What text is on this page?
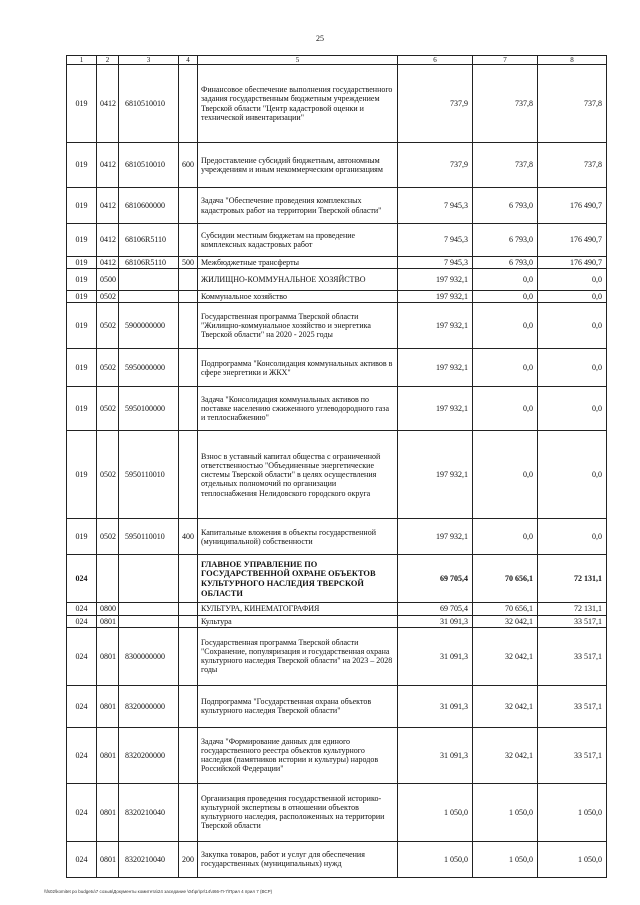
25
1	2	3	4	5	6	7	8
019	0412	6810510010		Финансовое обеспечение выполнения государственного задания государственным бюджетным учреждением Тверской области "Центр кадастровой оценки и технической инвентаризации"	737,9	737,8	737,8
019	0412	6810510010	600	Предоставление субсидий бюджетным, автономным учреждениям и иным некоммерческим организациям	737,9	737,8	737,8
019	0412	6810600000		Задача "Обеспечение проведения комплексных кадастровых работ на территории Тверской области"	7 945,3	6 793,0	176 490,7
019	0412	68106R5110		Субсидии местным бюджетам на проведение комплексных кадастровых работ	7 945,3	6 793,0	176 490,7
019	0412	68106R5110	500	Межбюджетные трансферты	7 945,3	6 793,0	176 490,7
019	0500			ЖИЛИЩНО-КОММУНАЛЬНОЕ ХОЗЯЙСТВО	197 932,1	0,0	0,0
019	0502			Коммунальное хозяйство	197 932,1	0,0	0,0
019	0502	5900000000		Государственная программа Тверской области "Жилищно-коммунальное хозяйство и энергетика Тверской области" на 2020 - 2025 годы	197 932,1	0,0	0,0
019	0502	5950000000		Подпрограмма "Консолидация коммунальных активов в сфере энергетики и ЖКХ"	197 932,1	0,0	0,0
019	0502	5950100000		Задача "Консолидация коммунальных активов по поставке населению сжиженного углеводородного газа и теплоснабжению"	197 932,1	0,0	0,0
019	0502	5950110010		Взнос в уставный капитал общества с ограниченной ответственностью "Объединенные энергетические системы Тверской области" в целях осуществления отдельных полномочий по организации теплоснабжения Нелидовского городского округа	197 932,1	0,0	0,0
019	0502	5950110010	400	Капитальные вложения в объекты государственной (муниципальной) собственности	197 932,1	0,0	0,0
024				ГЛАВНОЕ УПРАВЛЕНИЕ ПО ГОСУДАРСТВЕННОЙ ОХРАНЕ ОБЪЕКТОВ КУЛЬТУРНОГО НАСЛЕДИЯ ТВЕРСКОЙ ОБЛАСТИ	69 705,4	70 656,1	72 131,1
024	0800			КУЛЬТУРА, КИНЕМАТОГРАФИЯ	69 705,4	70 656,1	72 131,1
024	0801			Культура	31 091,3	32 042,1	33 517,1
024	0801	8300000000		Государственная программа Тверской области "Сохранение, популяризация и государственная охрана культурного наследия Тверской области" на 2023 – 2028 годы	31 091,3	32 042,1	33 517,1
024	0801	8320000000		Подпрограмма "Государственная охрана объектов культурного наследия Тверской области"	31 091,3	32 042,1	33 517,1
024	0801	8320200000		Задача "Формирование данных для единого государственного реестра объектов культурного наследия (памятников истории и культуры) народов Российской Федерации"	31 091,3	32 042,1	33 517,1
024	0801	8320210040		Организация проведения государственной историко-культурной экспертизы в отношении объектов культурного наследия, расположенных на территории Тверской области	1 050,0	1 050,0	1 050,0
024	0801	8320210040	200	Закупка товаров, работ и услуг для обеспечения государственных (муниципальных) нужд	1 050,0	1 050,0	1 050,0
\\fs02\komitet po budgetu\7 созыв\Документы комитета\24 заседание \04\pr\pr\14\466-П-7\Прил 4 прил 7 (ВСР)
